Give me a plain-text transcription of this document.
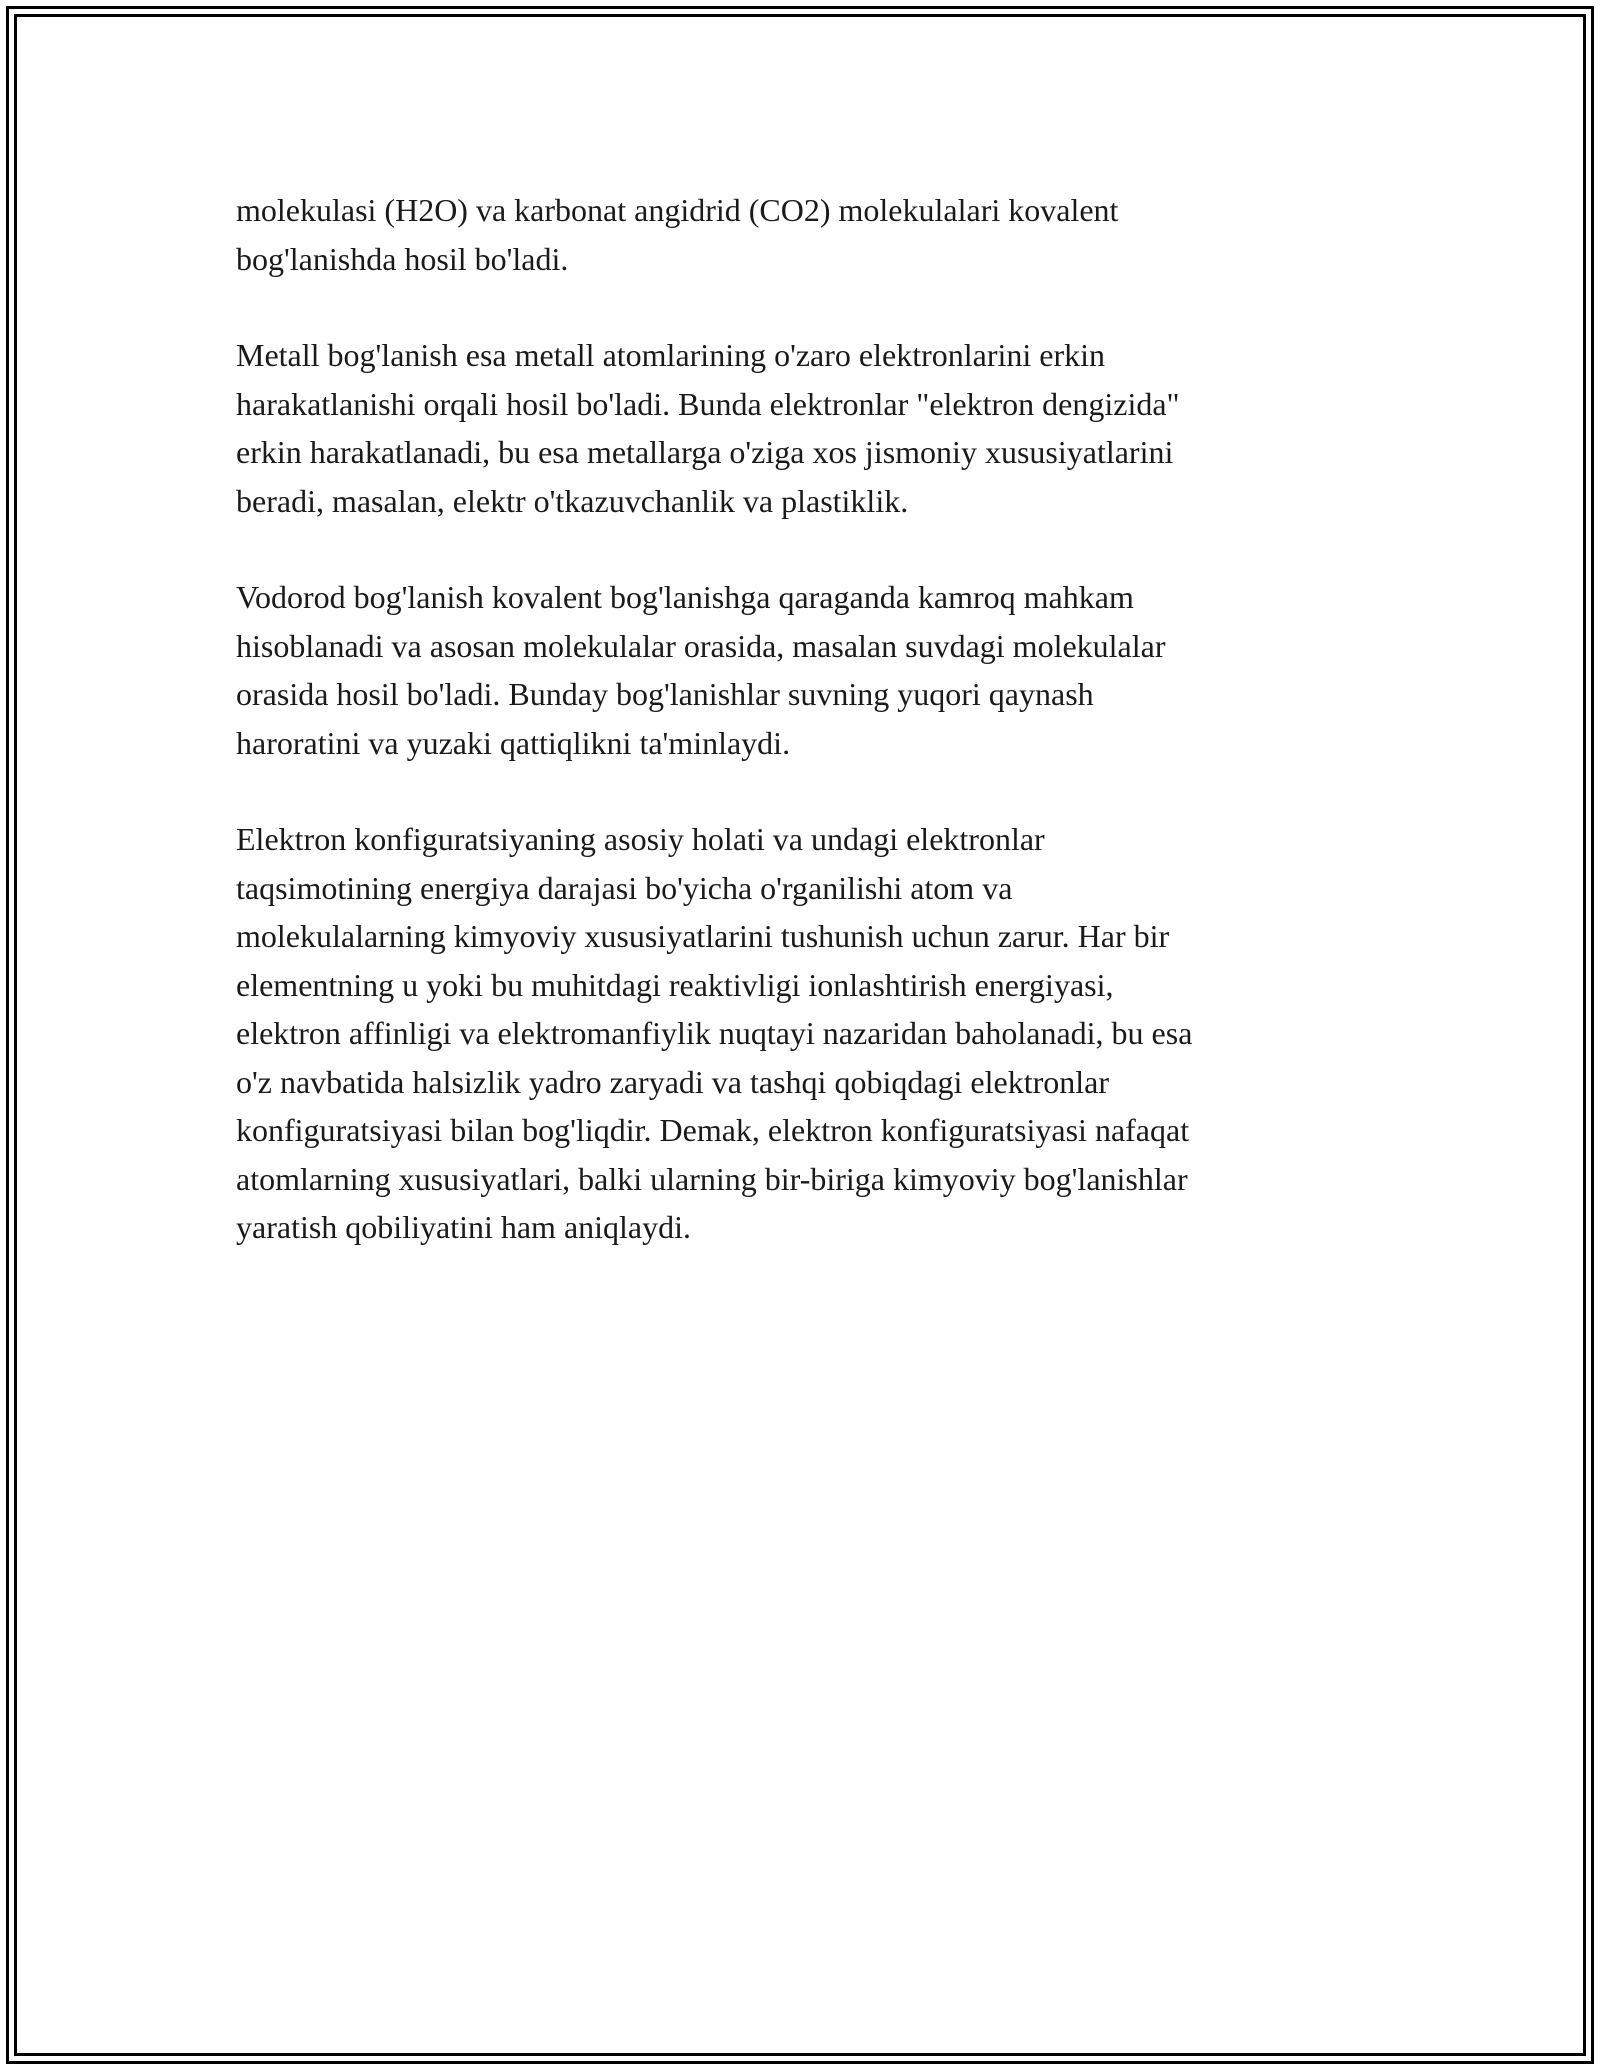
molekulasi (H2O) va karbonat angidrid (CO2) molekulalari kovalent
bog'lanishda hosil bo'ladi.

Metall bog'lanish esa metall atomlarining o'zaro elektronlarini erkin
harakatlanishi orqali hosil bo'ladi. Bunda elektronlar "elektron dengizida"
erkin harakatlanadi, bu esa metallarga o'ziga xos jismoniy xususiyatlarini
beradi, masalan, elektr o'tkazuvchanlik va plastiklik.

Vodorod bog'lanish kovalent bog'lanishga qaraganda kamroq mahkam
hisoblanadi va asosan molekulalar orasida, masalan suvdagi molekulalar
orasida hosil bo'ladi. Bunday bog'lanishlar suvning yuqori qaynash
haroratini va yuzaki qattiqlikni ta'minlaydi.

Elektron konfiguratsiyaning asosiy holati va undagi elektronlar
taqsimotining energiya darajasi bo'yicha o'rganilishi atom va
molekulalarning kimyoviy xususiyatlarini tushunish uchun zarur. Har bir
elementning u yoki bu muhitdagi reaktivligi ionlashtirish energiyasi,
elektron affinligi va elektromanfiylik nuqtayi nazaridan baholanadi, bu esa
o'z navbatida halsizlik yadro zaryadi va tashqi qobiqdagi elektronlar
konfiguratsiyasi bilan bog'liqdir. Demak, elektron konfiguratsiyasi nafaqat
atomlarning xususiyatlari, balki ularning bir-biriga kimyoviy bog'lanishlar
yaratish qobiliyatini ham aniqlaydi.
